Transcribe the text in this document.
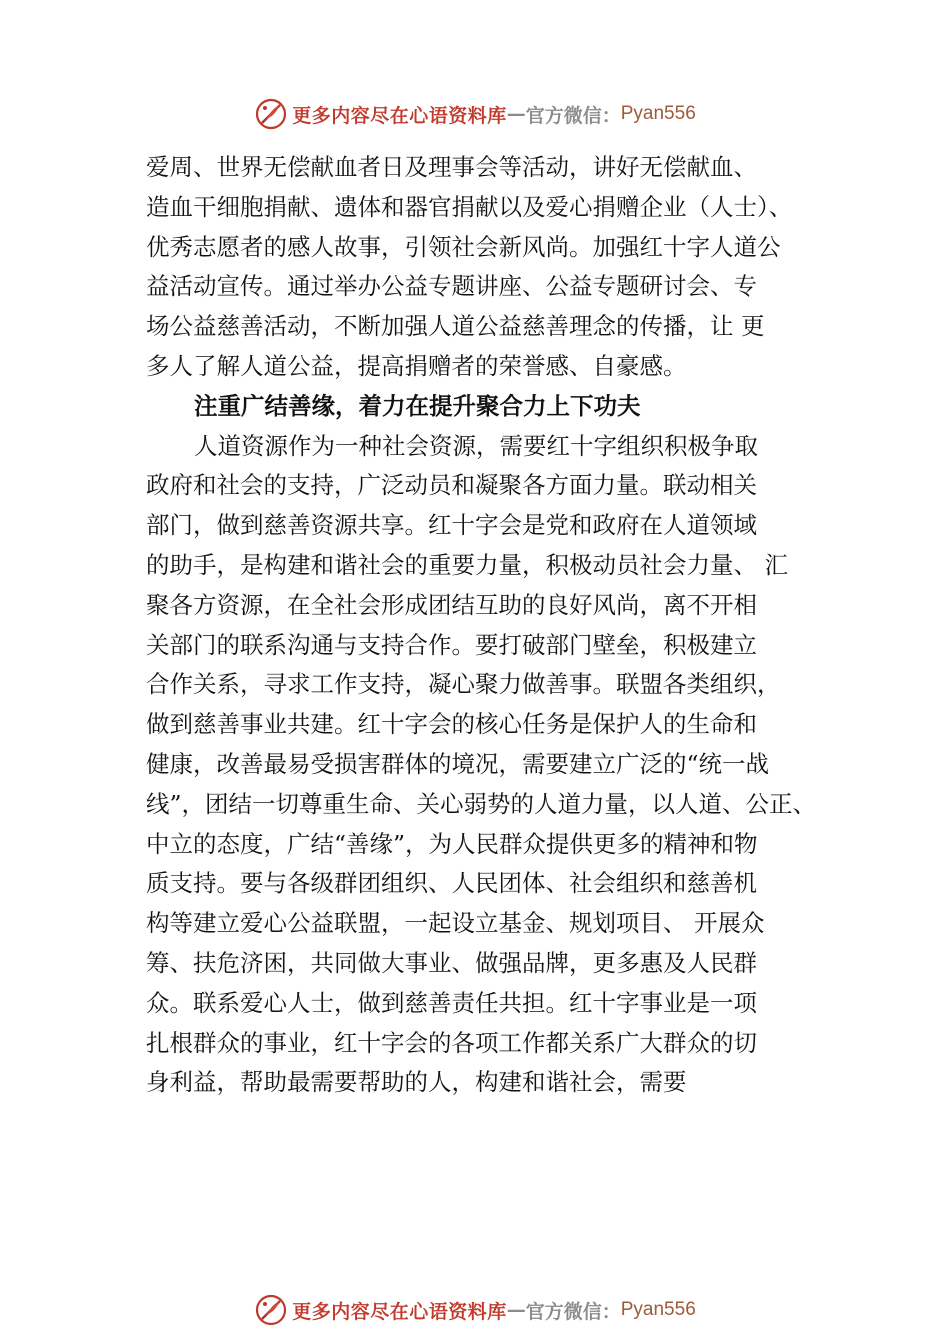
更多内容尽在心语资料库 — 官方微信： Pyan556
爱周、世界无偿献血者日及理事会等活动，讲好无偿献血、
造血干细胞捐献、遗体和器官捐献以及爱心捐赠企业（人士）、
优秀志愿者的感人故事，引领社会新风尚。加强红十字人道公
益活动宣传。通过举办公益专题讲座、公益专题研讨会、专
场公益慈善活动，不断加强人道公益慈善理念的传播，让 更
多人了解人道公益，提高捐赠者的荣誉感、自豪感。
注重广结善缘，着力在提升聚合力上下功夫
人道资源作为一种社会资源，需要红十字组织积极争取
政府和社会的支持，广泛动员和凝聚各方面力量。联动相关
部门，做到慈善资源共享。红十字会是党和政府在人道领域
的助手，是构建和谐社会的重要力量，积极动员社会力量、 汇
聚各方资源，在全社会形成团结互助的良好风尚，离不开相
关部门的联系沟通与支持合作。要打破部门壁垒，积极建立
合作关系，寻求工作支持，凝心聚力做善事。联盟各类组织，
做到慈善事业共建。红十字会的核心任务是保护人的生命和
健康，改善最易受损害群体的境况，需要建立广泛的“统一战
线”，团结一切尊重生命、关心弱势的人道力量，以人道、公正、
中立的态度，广结“善缘”，为人民群众提供更多的精神和物
质支持。要与各级群团组织、人民团体、社会组织和慈善机
构等建立爱心公益联盟，一起设立基金、规划项目、 开展众
筹、扶危济困，共同做大事业、做强品牌，更多惠及人民群
众。联系爱心人士，做到慈善责任共担。红十字事业是一项
扎根群众的事业，红十字会的各项工作都关系广大群众的切
身利益，帮助最需要帮助的人，构建和谐社会，需要
更多内容尽在心语资料库 — 官方微信： Pyan556
